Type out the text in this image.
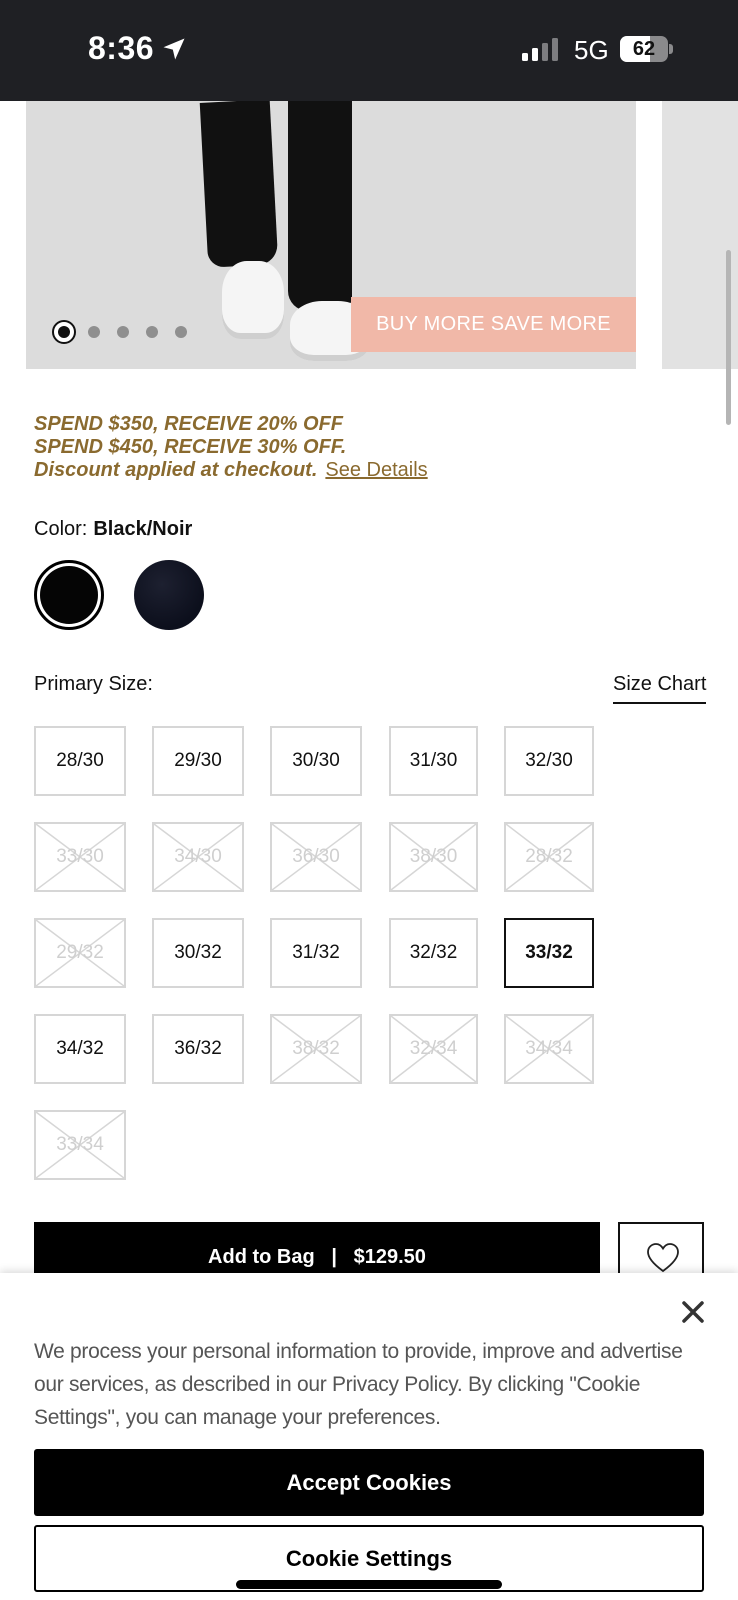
8:36	5G	62
BUY MORE SAVE MORE
SPEND $350, RECEIVE 20% OFF
SPEND $450, RECEIVE 30% OFF.
Discount applied at checkout. See Details
Color: Black/Noir
Primary Size:	Size Chart
28/30	29/30	30/30	31/30	32/30
33/30	34/30	36/30	38/30	28/32
29/32	30/32	31/32	32/32	33/32
34/32	36/32	38/32	32/34	34/34
33/34
Add to Bag   |   $129.50
We process your personal information to provide, improve and advertise our services, as described in our Privacy Policy. By clicking "Cookie Settings", you can manage your preferences.
Accept Cookies
Cookie Settings
